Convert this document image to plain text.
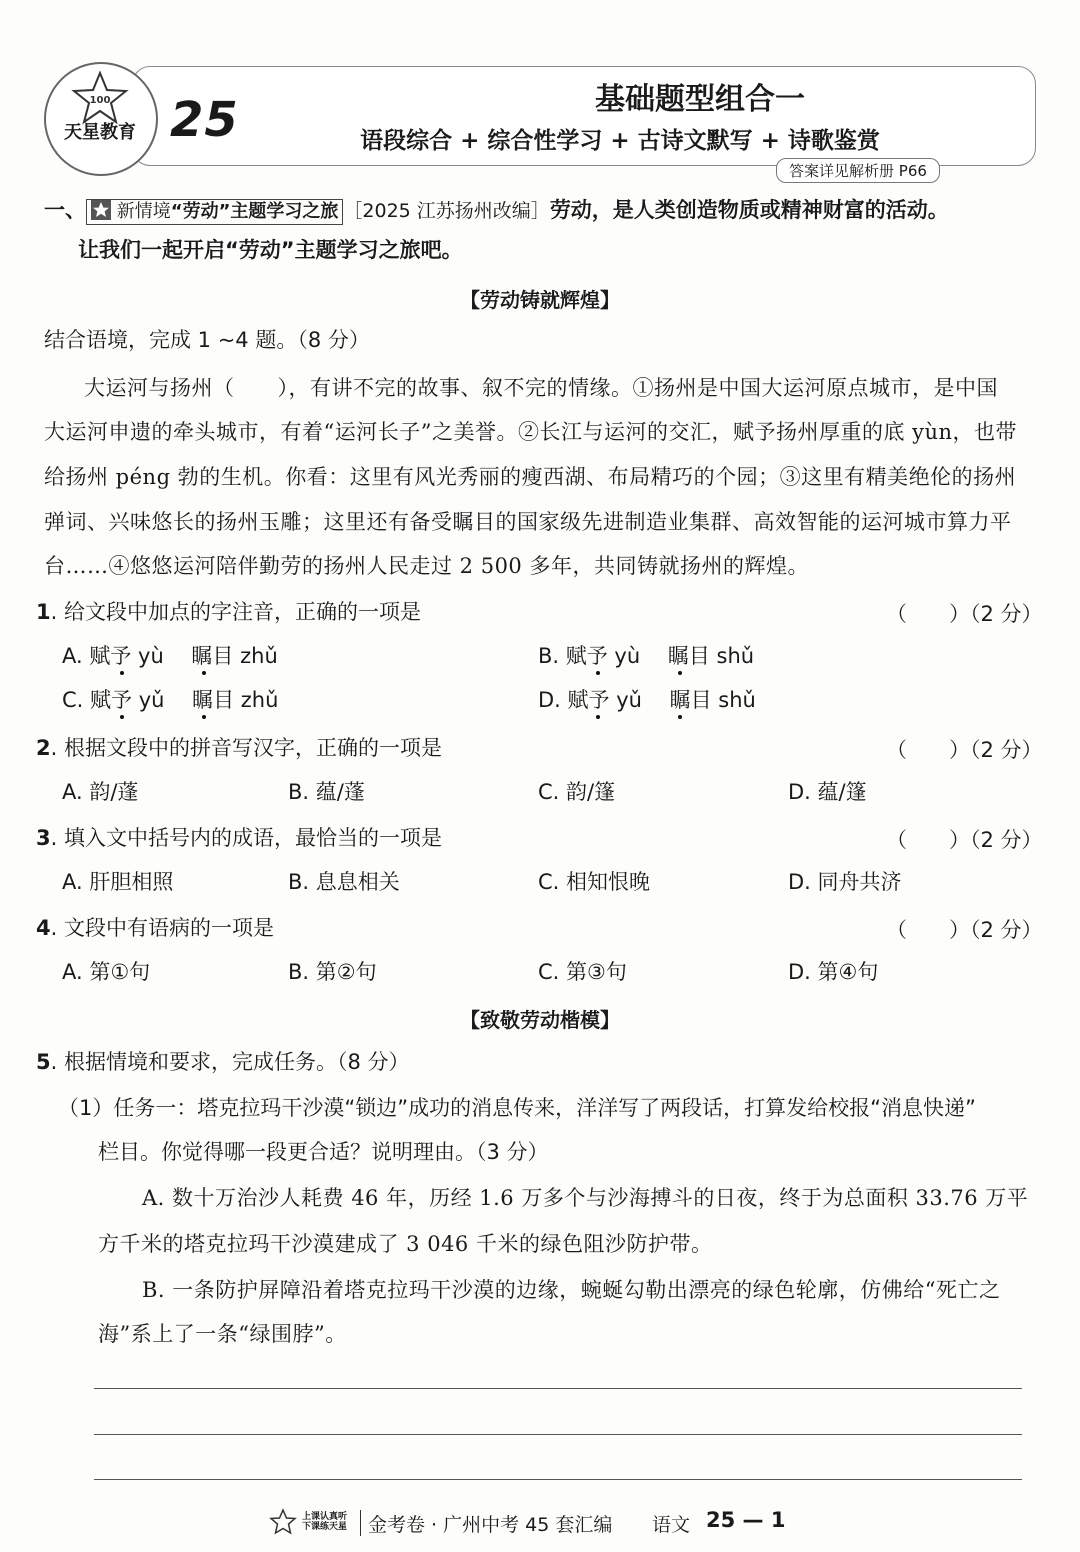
100
天星教育 25	基础题型组合一
语段综合 + 综合性学习 + 古诗文默写 + 诗歌鉴赏
答案详见解析册 P66
一、 新情境“劳动”主题学习之旅 ［2025 江苏扬州改编］劳动，是人类创造物质或精神财富的活动。
让我们一起开启“劳动”主题学习之旅吧。
【劳动铸就辉煌】
结合语境，完成 1 ~4 题。（8 分）
大运河与扬州（　　），有讲不完的故事、叙不完的情缘。①扬州是中国大运河原点城市，是中国
大运河申遗的牵头城市，有着“运河长子”之美誉。②长江与运河的交汇，赋予扬州厚重的底 yùn，也带
给扬州 péng 勃的生机。你看：这里有风光秀丽的瘦西湖、布局精巧的个园；③这里有精美绝伦的扬州
弹词、兴味悠长的扬州玉雕；这里还有备受瞩目的国家级先进制造业集群、高效智能的运河城市算力平
台……④悠悠运河陪伴勤劳的扬州人民走过 2 500 多年，共同铸就扬州的辉煌。
1. 给文段中加点的字注音，正确的一项是	（　　）（2 分）
A. 赋予 yù　 瞩目 zhǔ	B. 赋予 yù　 瞩目 shǔ
C. 赋予 yǔ　 瞩目 zhǔ	D. 赋予 yǔ　 瞩目 shǔ
2. 根据文段中的拼音写汉字，正确的一项是	（　　）（2 分）
A. 韵/蓬	B. 蕴/蓬	C. 韵/篷	D. 蕴/篷
3. 填入文中括号内的成语，最恰当的一项是	（　　）（2 分）
A. 肝胆相照	B. 息息相关	C. 相知恨晚	D. 同舟共济
4. 文段中有语病的一项是	（　　）（2 分）
A. 第①句	B. 第②句	C. 第③句	D. 第④句
【致敬劳动楷模】
5. 根据情境和要求，完成任务。（8 分）
（1）任务一：塔克拉玛干沙漠“锁边”成功的消息传来，洋洋写了两段话，打算发给校报“消息快递”
栏目。你觉得哪一段更合适？说明理由。（3 分）
A. 数十万治沙人耗费 46 年，历经 1.6 万多个与沙海搏斗的日夜，终于为总面积 33.76 万平
方千米的塔克拉玛干沙漠建成了 3 046 千米的绿色阻沙防护带。
B. 一条防护屏障沿着塔克拉玛干沙漠的边缘，蜿蜒勾勒出漂亮的绿色轮廓，仿佛给“死亡之
海”系上了一条“绿围脖”。
上课认真听
下课练天星 金考卷 · 广州中考 45 套汇编 语文 25 — 1
